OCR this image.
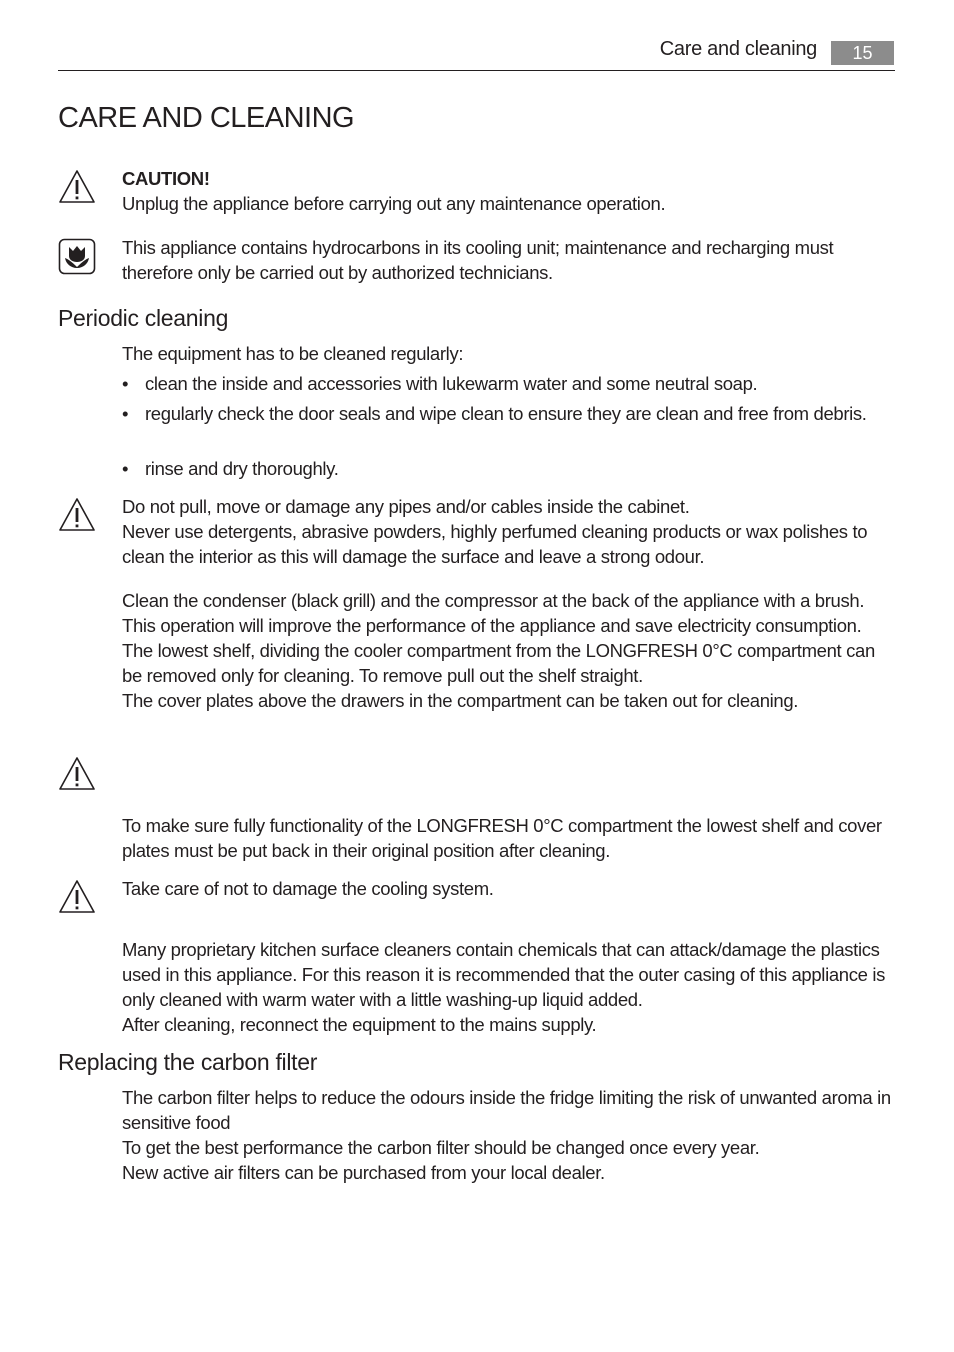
Care and cleaning	15
CARE AND CLEANING
CAUTION!
Unplug the appliance before carrying out any maintenance operation.

This appliance contains hydrocarbons in its cooling unit; maintenance and recharging must therefore only be carried out by authorized technicians.

Periodic cleaning

The equipment has to be cleaned regularly:

• clean the inside and accessories with lukewarm water and some neutral soap.
• regularly check the door seals and wipe clean to ensure they are clean and free from debris.
• rinse and dry thoroughly.
Do not pull, move or damage any pipes and/or cables inside the cabinet.
Never use detergents, abrasive powders, highly perfumed cleaning products or wax polishes to clean the interior as this will damage the surface and leave a strong odour.
Clean the condenser (black grill) and the compressor at the back of the appliance with a brush. This operation will improve the performance of the appliance and save electricity consumption.
The lowest shelf, dividing the cooler compartment from the LONGFRESH 0°C compartment can be removed only for cleaning. To remove pull out the shelf straight.
The cover plates above the drawers in the compartment can be taken out for cleaning.

To make sure fully functionality of the LONGFRESH 0°C compartment the lowest shelf and cover plates must be put back in their original position after cleaning.

Take care of not to damage the cooling system.

Many proprietary kitchen surface cleaners contain chemicals that can attack/damage the plastics used in this appliance. For this reason it is recommended that the outer casing of this appliance is only cleaned with warm water with a little washing-up liquid added.
After cleaning, reconnect the equipment to the mains supply.
Replacing the carbon filter
The carbon filter helps to reduce the odours inside the fridge limiting the risk of unwanted aroma in sensitive food
To get the best performance the carbon filter should be changed once every year.
New active air filters can be purchased from your local dealer.
